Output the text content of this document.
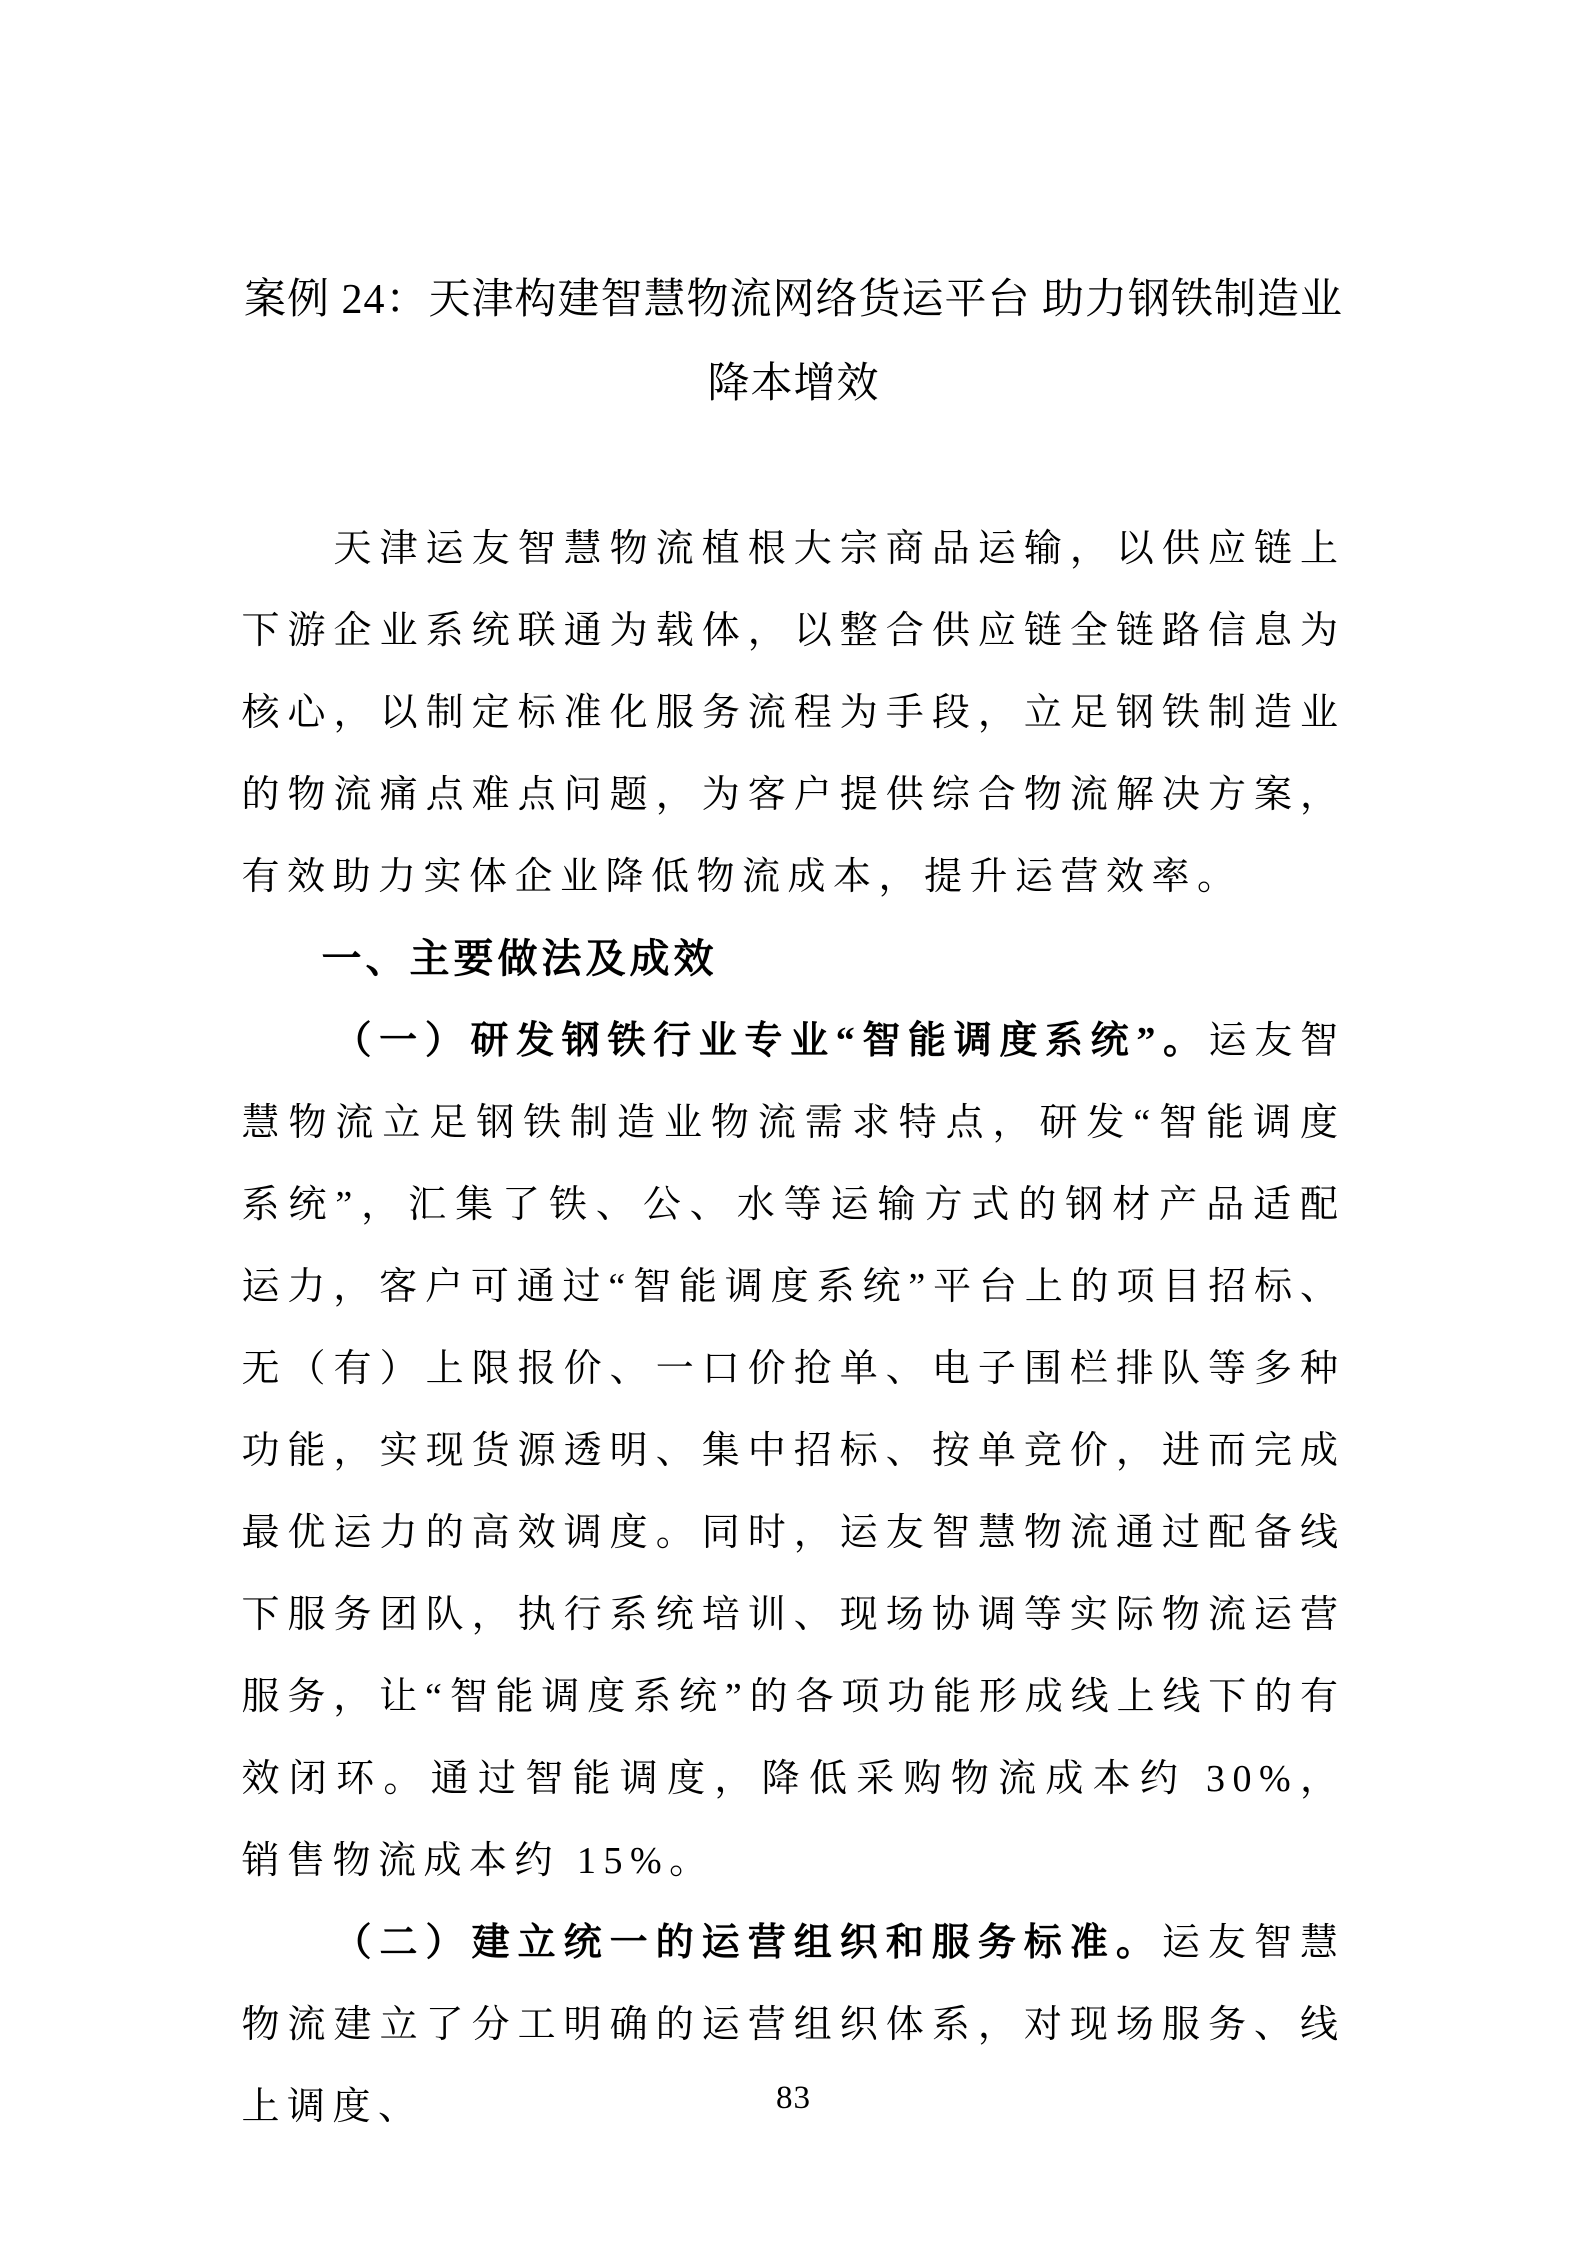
案例 24：天津构建智慧物流网络货运平台 助力钢铁制造业
降本增效

天津运友智慧物流植根大宗商品运输，以供应链上下游企业系统联通为载体，以整合供应链全链路信息为核心，以制定标准化服务流程为手段，立足钢铁制造业的物流痛点难点问题，为客户提供综合物流解决方案，有效助力实体企业降低物流成本，提升运营效率。

一、主要做法及成效

（一）研发钢铁行业专业“智能调度系统”。运友智慧物流立足钢铁制造业物流需求特点，研发“智能调度系统”，汇集了铁、公、水等运输方式的钢材产品适配运力，客户可通过“智能调度系统”平台上的项目招标、无（有）上限报价、一口价抢单、电子围栏排队等多种功能，实现货源透明、集中招标、按单竞价，进而完成最优运力的高效调度。同时，运友智慧物流通过配备线下服务团队，执行系统培训、现场协调等实际物流运营服务，让“智能调度系统”的各项功能形成线上线下的有效闭环。通过智能调度，降低采购物流成本约 30%，销售物流成本约 15%。

（二）建立统一的运营组织和服务标准。运友智慧物流建立了分工明确的运营组织体系，对现场服务、线上调度、	83
